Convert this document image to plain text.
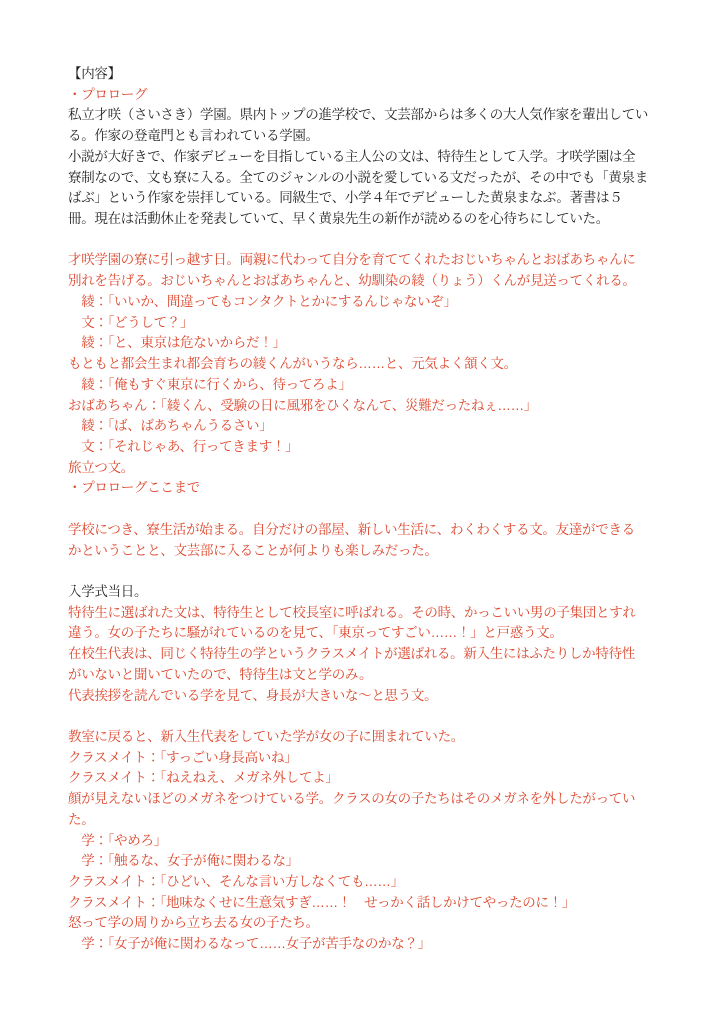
【内容】

・プロローグ

私立才咲（さいさき）学園。県内トップの進学校で、文芸部からは多くの大人気作家を輩出してい

る。作家の登竜門とも言われている学園。

小説が大好きで、作家デビューを目指している主人公の文は、特待生として入学。才咲学園は全

寮制なので、文も寮に入る。全てのジャンルの小説を愛している文だったが、その中でも「黄泉ま

ばぶ」という作家を崇拝している。同級生で、小学４年でデビューした黄泉まなぶ。著書は５

冊。現在は活動休止を発表していて、早く黄泉先生の新作が読めるのを心待ちにしていた。

才咲学園の寮に引っ越す日。両親に代わって自分を育ててくれたおじいちゃんとおばあちゃんに

別れを告げる。おじいちゃんとおばあちゃんと、幼馴染の綾（りょう）くんが見送ってくれる。

　綾：「いいか、間違ってもコンタクトとかにするんじゃないぞ」

　文：「どうして？」

　綾：「と、東京は危ないからだ！」

もともと都会生まれ都会育ちの綾くんがいうなら……と、元気よく頷く文。

　綾：「俺もすぐ東京に行くから、待ってろよ」

おばあちゃん：「綾くん、受験の日に風邪をひくなんて、災難だったねぇ……」

　綾：「ば、ばあちゃんうるさい」

　文：「それじゃあ、行ってきます！」

旅立つ文。

・プロローグここまで

学校につき、寮生活が始まる。自分だけの部屋、新しい生活に、わくわくする文。友達ができる

かということと、文芸部に入ることが何よりも楽しみだった。

入学式当日。

特待生に選ばれた文は、特待生として校長室に呼ばれる。その時、かっこいい男の子集団とすれ

違う。女の子たちに騒がれているのを見て、「東京ってすごい……！」と戸惑う文。

在校生代表は、同じく特待生の学というクラスメイトが選ばれる。新入生にはふたりしか特待性

がいないと聞いていたので、特待生は文と学のみ。

代表挨拶を読んでいる学を見て、身長が大きいな〜と思う文。

教室に戻ると、新入生代表をしていた学が女の子に囲まれていた。

クラスメイト：「すっごい身長高いね」

クラスメイト：「ねえねえ、メガネ外してよ」

顔が見えないほどのメガネをつけている学。クラスの女の子たちはそのメガネを外したがってい

た。

　学：「やめろ」

　学：「触るな、女子が俺に関わるな」

クラスメイト：「ひどい、そんな言い方しなくても……」

クラスメイト：「地味なくせに生意気すぎ……！　せっかく話しかけてやったのに！」

怒って学の周りから立ち去る女の子たち。

　学：「女子が俺に関わるなって……女子が苦手なのかな？」
